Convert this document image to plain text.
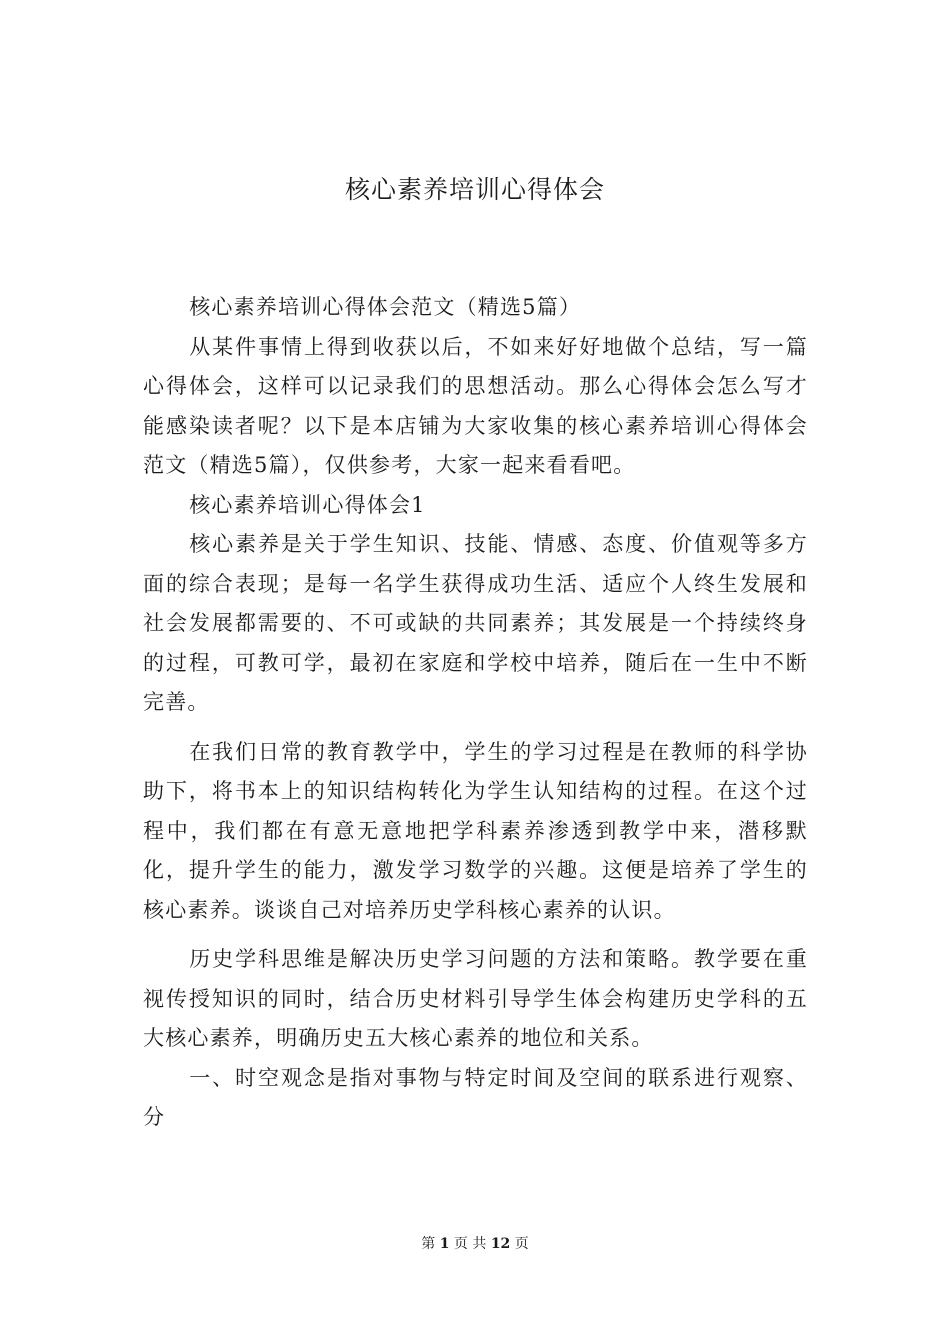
核心素养培训心得体会

核心素养培训心得体会范文（精选5篇）

从某件事情上得到收获以后，不如来好好地做个总结，写一篇心得体会，这样可以记录我们的思想活动。那么心得体会怎么写才能感染读者呢？以下是本店铺为大家收集的核心素养培训心得体会范文（精选5篇），仅供参考，大家一起来看看吧。

核心素养培训心得体会1

核心素养是关于学生知识、技能、情感、态度、价值观等多方面的综合表现；是每一名学生获得成功生活、适应个人终生发展和社会发展都需要的、不可或缺的共同素养；其发展是一个持续终身的过程，可教可学，最初在家庭和学校中培养，随后在一生中不断完善。

在我们日常的教育教学中，学生的学习过程是在教师的科学协助下，将书本上的知识结构转化为学生认知结构的过程。在这个过程中，我们都在有意无意地把学科素养渗透到教学中来，潜移默化，提升学生的能力，激发学习数学的兴趣。这便是培养了学生的核心素养。谈谈自己对培养历史学科核心素养的认识。

历史学科思维是解决历史学习问题的方法和策略。教学要在重视传授知识的同时，结合历史材料引导学生体会构建历史学科的五大核心素养，明确历史五大核心素养的地位和关系。

一、时空观念是指对事物与特定时间及空间的联系进行观察、分

第 1 页 共 12 页
